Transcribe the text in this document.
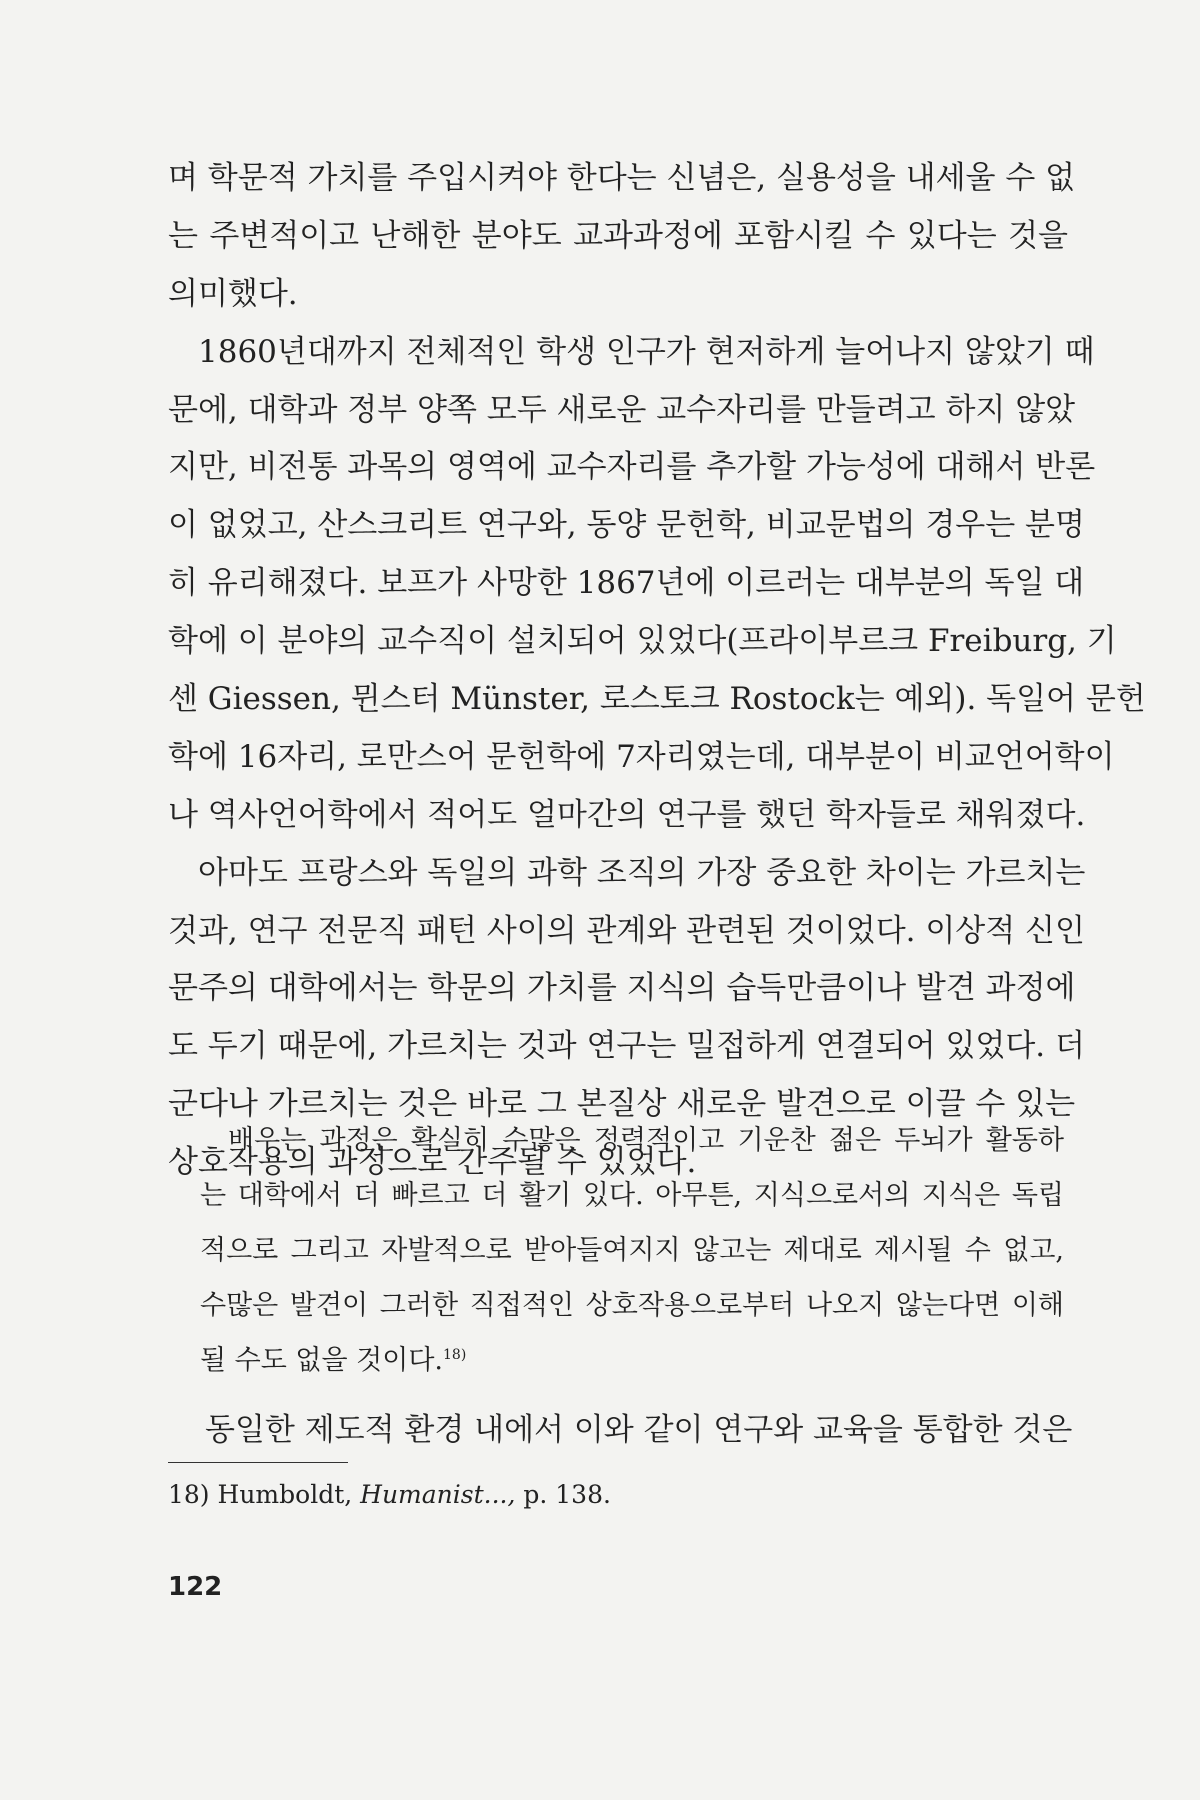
며 학문적 가치를 주입시켜야 한다는 신념은, 실용성을 내세울 수 없
는 주변적이고 난해한 분야도 교과과정에 포함시킬 수 있다는 것을
의미했다.
1860년대까지 전체적인 학생 인구가 현저하게 늘어나지 않았기 때
문에, 대학과 정부 양쪽 모두 새로운 교수자리를 만들려고 하지 않았
지만, 비전통 과목의 영역에 교수자리를 추가할 가능성에 대해서 반론
이 없었고, 산스크리트 연구와, 동양 문헌학, 비교문법의 경우는 분명
히 유리해졌다. 보프가 사망한 1867년에 이르러는 대부분의 독일 대
학에 이 분야의 교수직이 설치되어 있었다(프라이부르크 Freiburg, 기
센 Giessen, 뮌스터 Münster, 로스토크 Rostock는 예외). 독일어 문헌
학에 16자리, 로만스어 문헌학에 7자리였는데, 대부분이 비교언어학이
나 역사언어학에서 적어도 얼마간의 연구를 했던 학자들로 채워졌다.
아마도 프랑스와 독일의 과학 조직의 가장 중요한 차이는 가르치는
것과, 연구 전문직 패턴 사이의 관계와 관련된 것이었다. 이상적 신인
문주의 대학에서는 학문의 가치를 지식의 습득만큼이나 발견 과정에
도 두기 때문에, 가르치는 것과 연구는 밀접하게 연결되어 있었다. 더
군다나 가르치는 것은 바로 그 본질상 새로운 발견으로 이끌 수 있는
상호작용의 과정으로 간주될 수 있었다.
배우는 과정은 확실히 수많은 정력적이고 기운찬 젊은 두뇌가 활동하
는 대학에서 더 빠르고 더 활기 있다. 아무튼, 지식으로서의 지식은 독립
적으로 그리고 자발적으로 받아들여지지 않고는 제대로 제시될 수 없고,
수많은 발견이 그러한 직접적인 상호작용으로부터 나오지 않는다면 이해
될 수도 없을 것이다.$^{18)}$
동일한 제도적 환경 내에서 이와 같이 연구와 교육을 통합한 것은
18) Humboldt, Humanist..., p. 138.
122
